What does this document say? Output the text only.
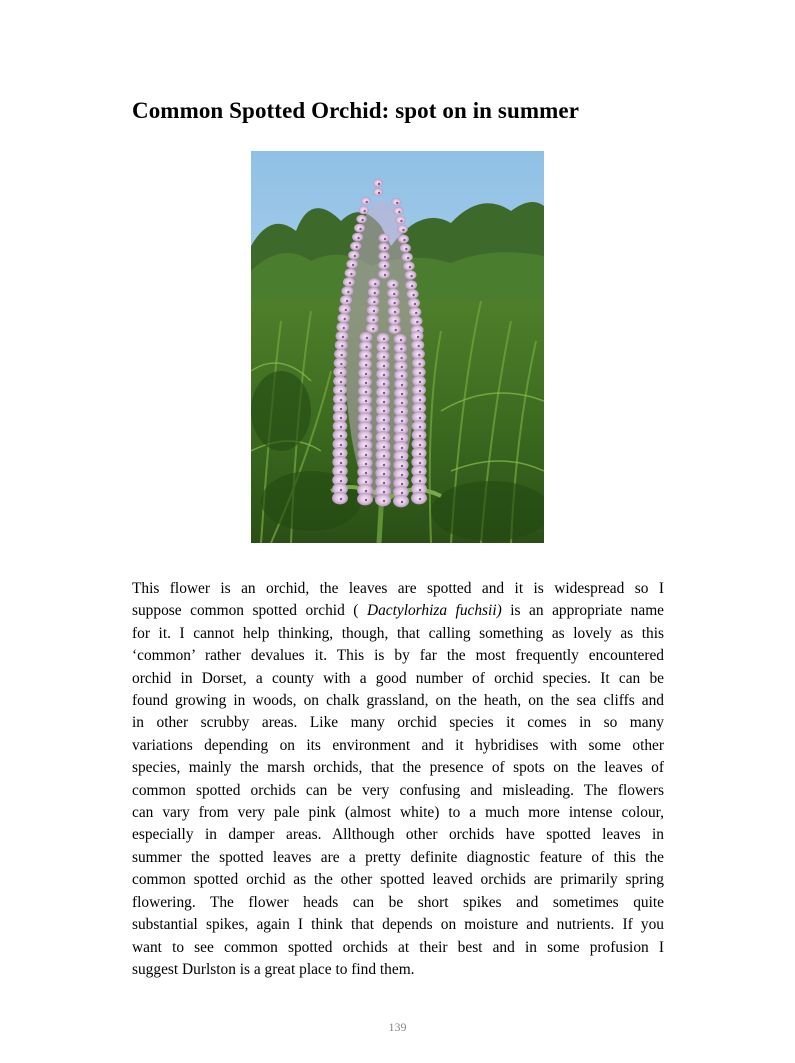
Common Spotted Orchid: spot on in summer

This flower is an orchid, the leaves are spotted and it is widespread so I
suppose common spotted orchid ( Dactylorhiza fuchsii) is an appropriate name
for it. I cannot help thinking, though, that calling something as lovely as this
‘common’ rather devalues it. This is by far the most frequently encountered
orchid in Dorset, a county with a good number of orchid species. It can be
found growing in woods, on chalk grassland, on the heath, on the sea cliffs and
in other scrubby areas. Like many orchid species it comes in so many
variations depending on its environment and it hybridises with some other
species, mainly the marsh orchids, that the presence of spots on the leaves of
common spotted orchids can be very confusing and misleading. The flowers
can vary from very pale pink (almost white) to a much more intense colour,
especially in damper areas. Allthough other orchids have spotted leaves in
summer the spotted leaves are a pretty definite diagnostic feature of this the
common spotted orchid as the other spotted leaved orchids are primarily spring
flowering. The flower heads can be short spikes and sometimes quite
substantial spikes, again I think that depends on moisture and nutrients. If you
want to see common spotted orchids at their best and in some profusion I
suggest Durlston is a great place to find them.

139
